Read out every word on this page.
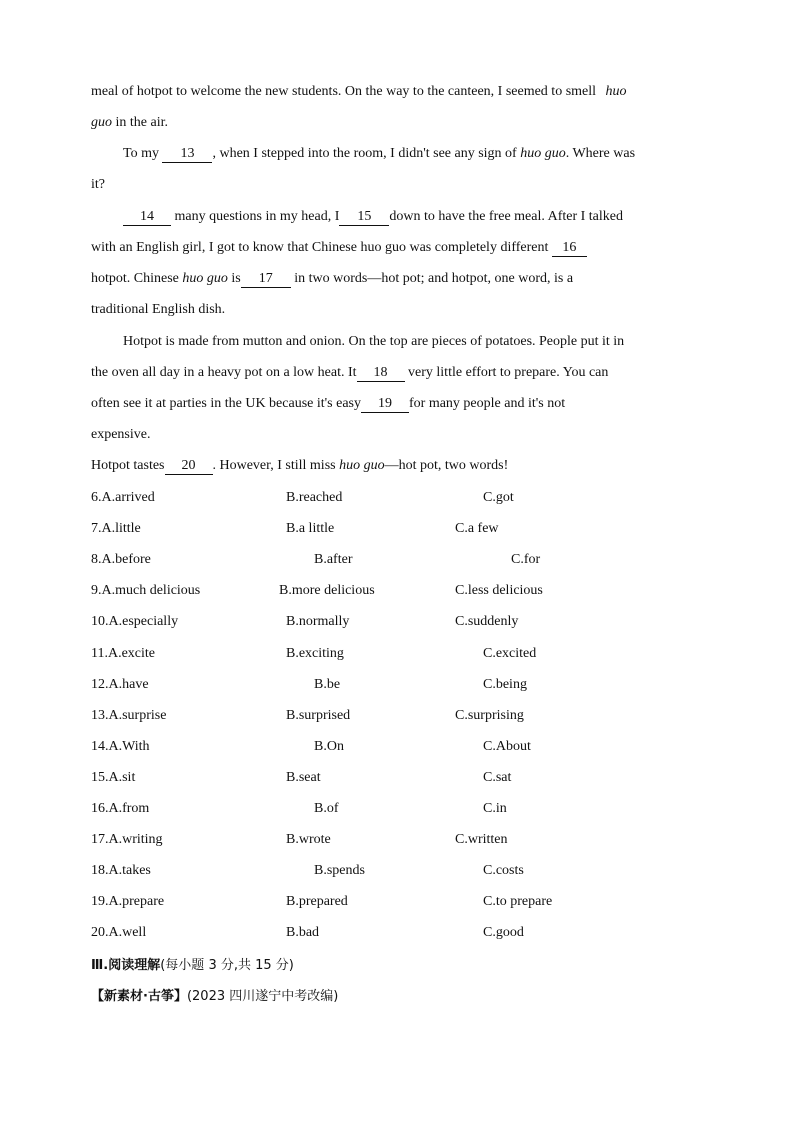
meal of hotpot to welcome the new students. On the way to the canteen, I seemed to smell huo
guo in the air.
To my 13 , when I stepped into the room, I didn't see any sign of huo guo. Where was
it?
14 many questions in my head, I 15 down to have the free meal. After I talked
with an English girl, I got to know that Chinese huo guo was completely different 16
hotpot. Chinese huo guo is 17 in two words—hot pot; and hotpot, one word, is a
traditional English dish.
Hotpot is made from mutton and onion. On the top are pieces of potatoes. People put it in
the oven all day in a heavy pot on a low heat. It 18 very little effort to prepare. You can
often see it at parties in the UK because it's easy 19 for many people and it's not
expensive.
Hotpot tastes 20 . However, I still miss huo guo—hot pot, two words!
6.A.arrived	B.reached	C.got
7.A.little	B.a little	C.a few
8.A.before	B.after	C.for
9.A.much delicious	B.more delicious	C.less delicious
10.A.especially	B.normally	C.suddenly
11.A.excite	B.exciting	C.excited
12.A.have	B.be	C.being
13.A.surprise	B.surprised	C.surprising
14.A.With	B.On	C.About
15.A.sit	B.seat	C.sat
16.A.from	B.of	C.in
17.A.writing	B.wrote	C.written
18.A.takes	B.spends	C.costs
19.A.prepare	B.prepared	C.to prepare
20.A.well	B.bad	C.good
Ⅲ.阅读理解(每小题 3 分,共 15 分)
【新素材·古筝】(2023 四川遂宁中考改编)
